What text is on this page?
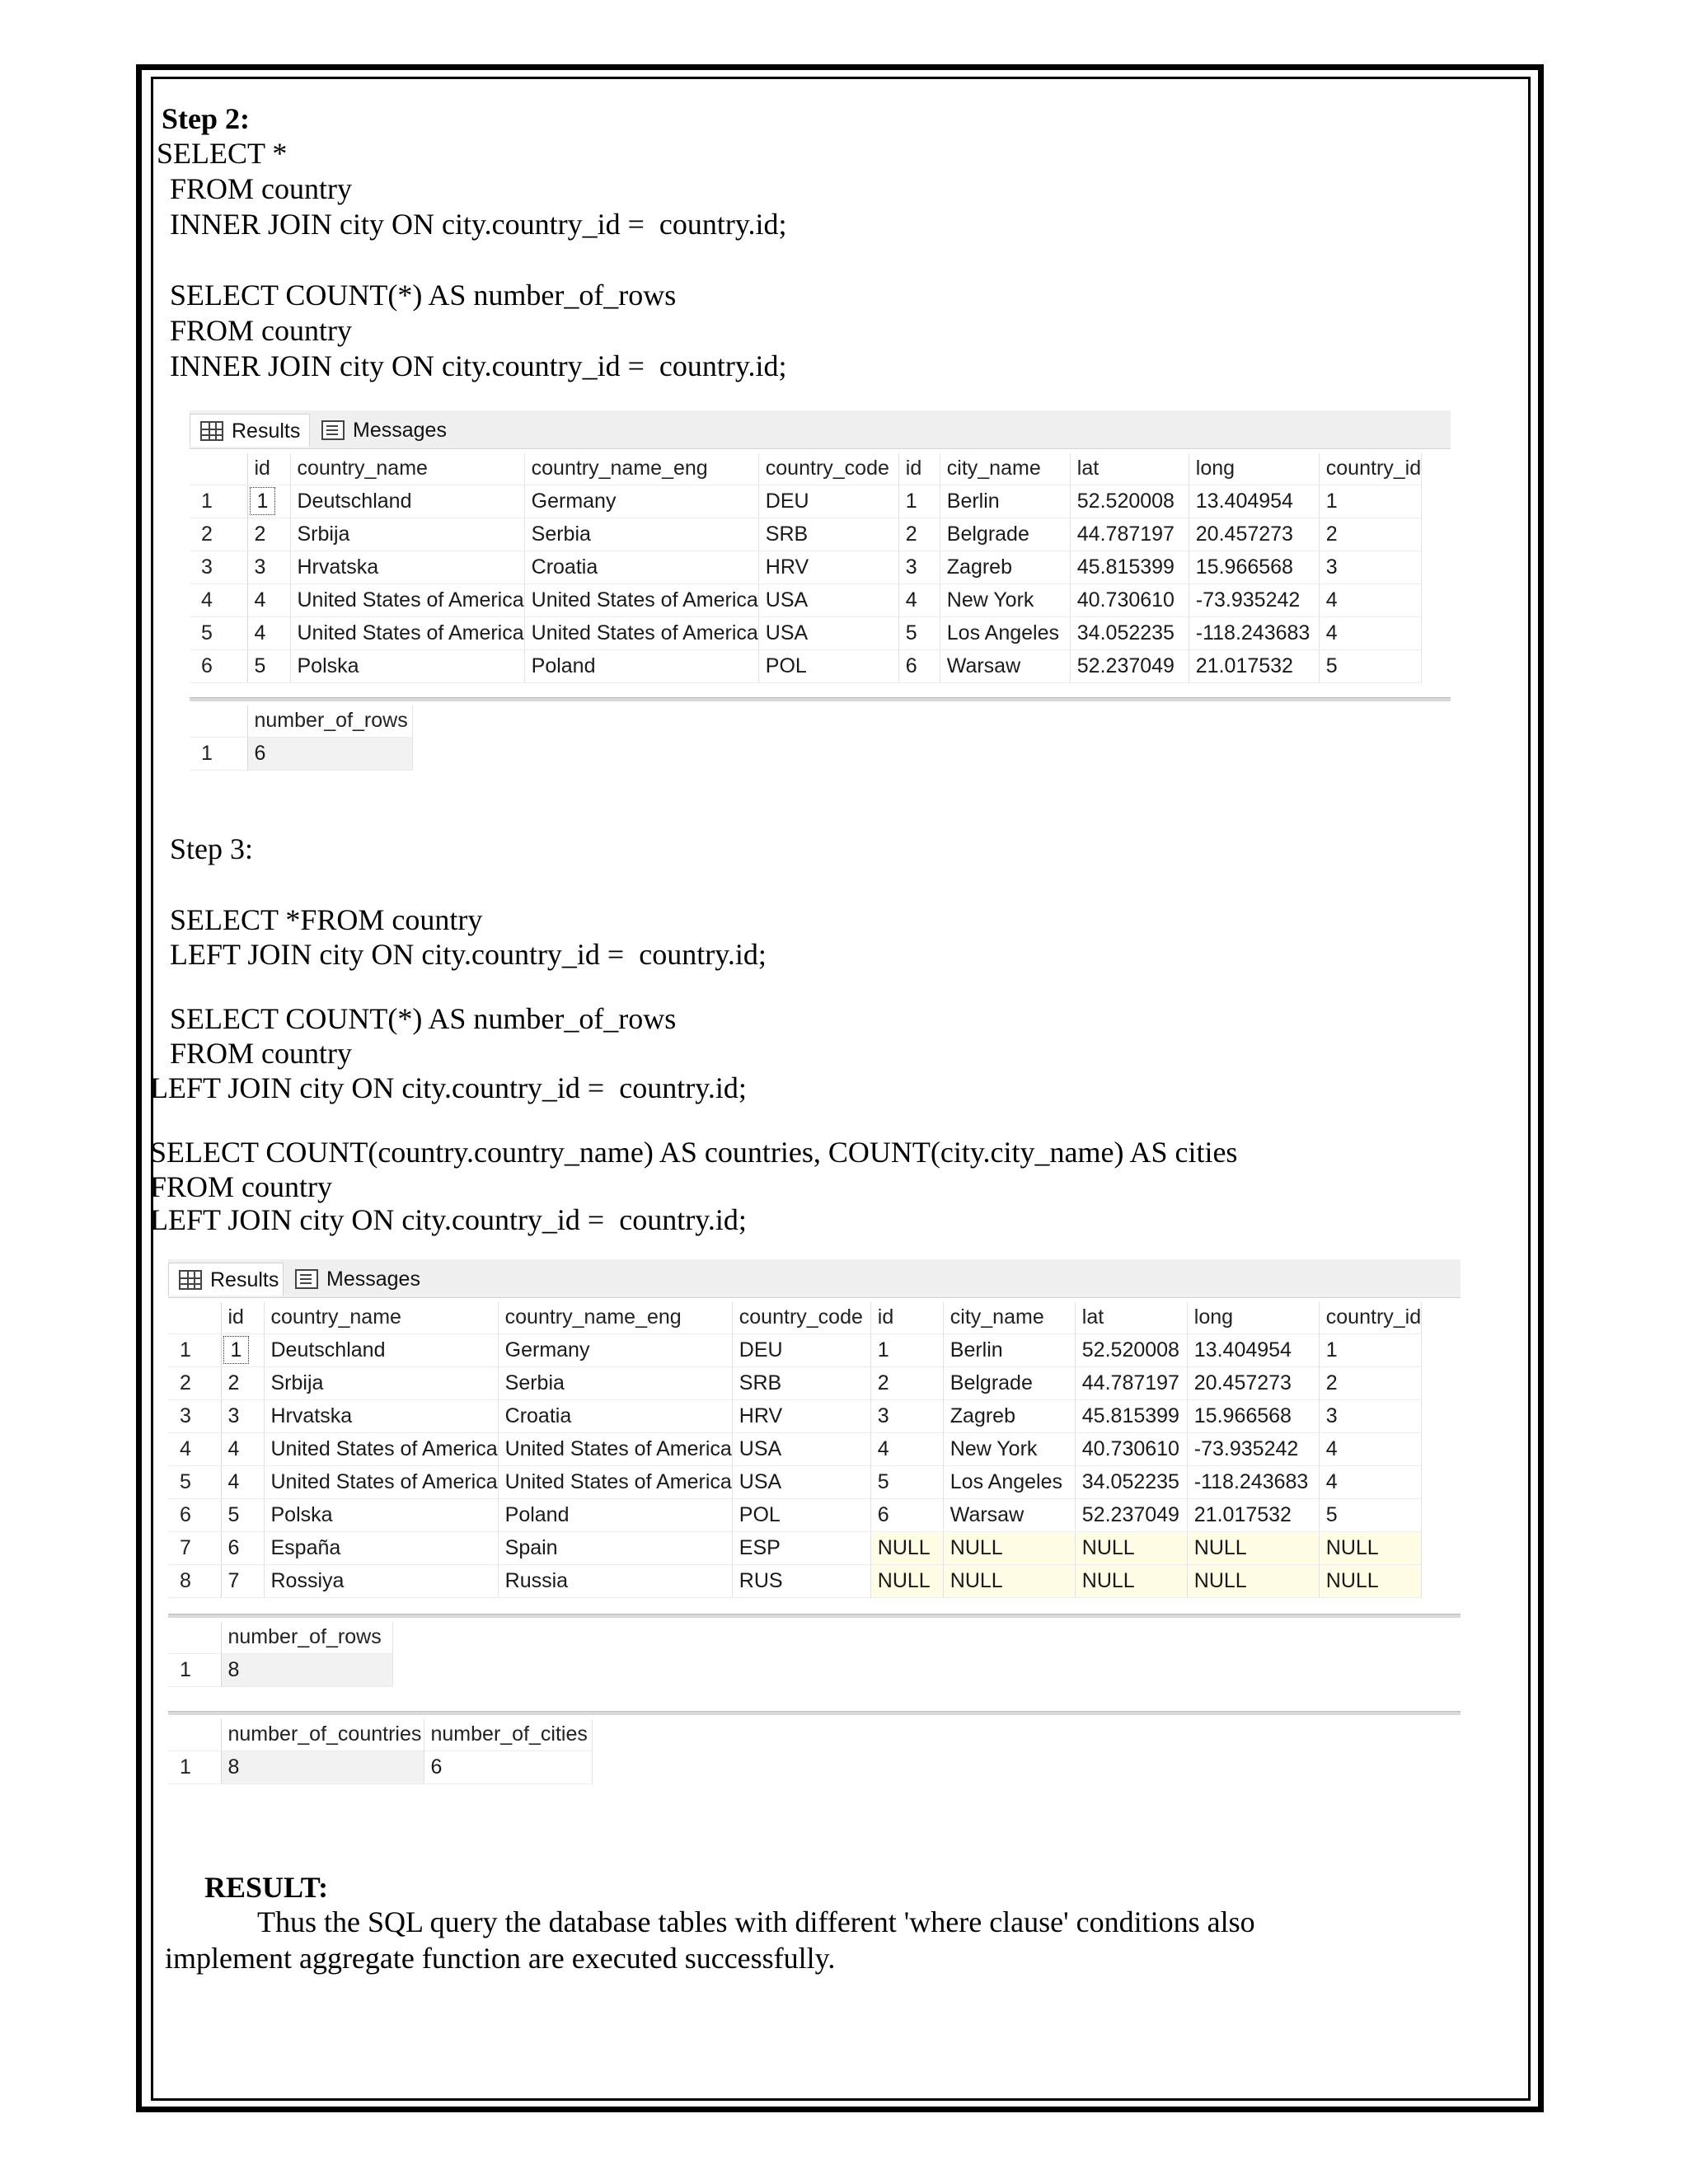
Step 2:
SELECT *
FROM country
INNER JOIN city ON city.country_id =  country.id;
SELECT COUNT(*) AS number_of_rows
FROM country
INNER JOIN city ON city.country_id =  country.id;
Results	Messages
	id	country_name	country_name_eng	country_code	id	city_name	lat	long	country_id
1	1	Deutschland	Germany	DEU	1	Berlin	52.520008	13.404954	1
2	2	Srbija	Serbia	SRB	2	Belgrade	44.787197	20.457273	2
3	3	Hrvatska	Croatia	HRV	3	Zagreb	45.815399	15.966568	3
4	4	United States of America	United States of America	USA	4	New York	40.730610	-73.935242	4
5	4	United States of America	United States of America	USA	5	Los Angeles	34.052235	-118.243683	4
6	5	Polska	Poland	POL	6	Warsaw	52.237049	21.017532	5
	number_of_rows
1	6
Step 3:
SELECT *FROM country
LEFT JOIN city ON city.country_id =  country.id;
SELECT COUNT(*) AS number_of_rows
FROM country
LEFT JOIN city ON city.country_id =  country.id;
SELECT COUNT(country.country_name) AS countries, COUNT(city.city_name) AS cities
FROM country
LEFT JOIN city ON city.country_id =  country.id;
Results	Messages
	id	country_name	country_name_eng	country_code	id	city_name	lat	long	country_id
1	1	Deutschland	Germany	DEU	1	Berlin	52.520008	13.404954	1
2	2	Srbija	Serbia	SRB	2	Belgrade	44.787197	20.457273	2
3	3	Hrvatska	Croatia	HRV	3	Zagreb	45.815399	15.966568	3
4	4	United States of America	United States of America	USA	4	New York	40.730610	-73.935242	4
5	4	United States of America	United States of America	USA	5	Los Angeles	34.052235	-118.243683	4
6	5	Polska	Poland	POL	6	Warsaw	52.237049	21.017532	5
7	6	España	Spain	ESP	NULL	NULL	NULL	NULL	NULL
8	7	Rossiya	Russia	RUS	NULL	NULL	NULL	NULL	NULL
	number_of_rows
1	8
	number_of_countries	number_of_cities
1	8	6
RESULT:
Thus the SQL query the database tables with different 'where clause' conditions also
implement aggregate function are executed successfully.
